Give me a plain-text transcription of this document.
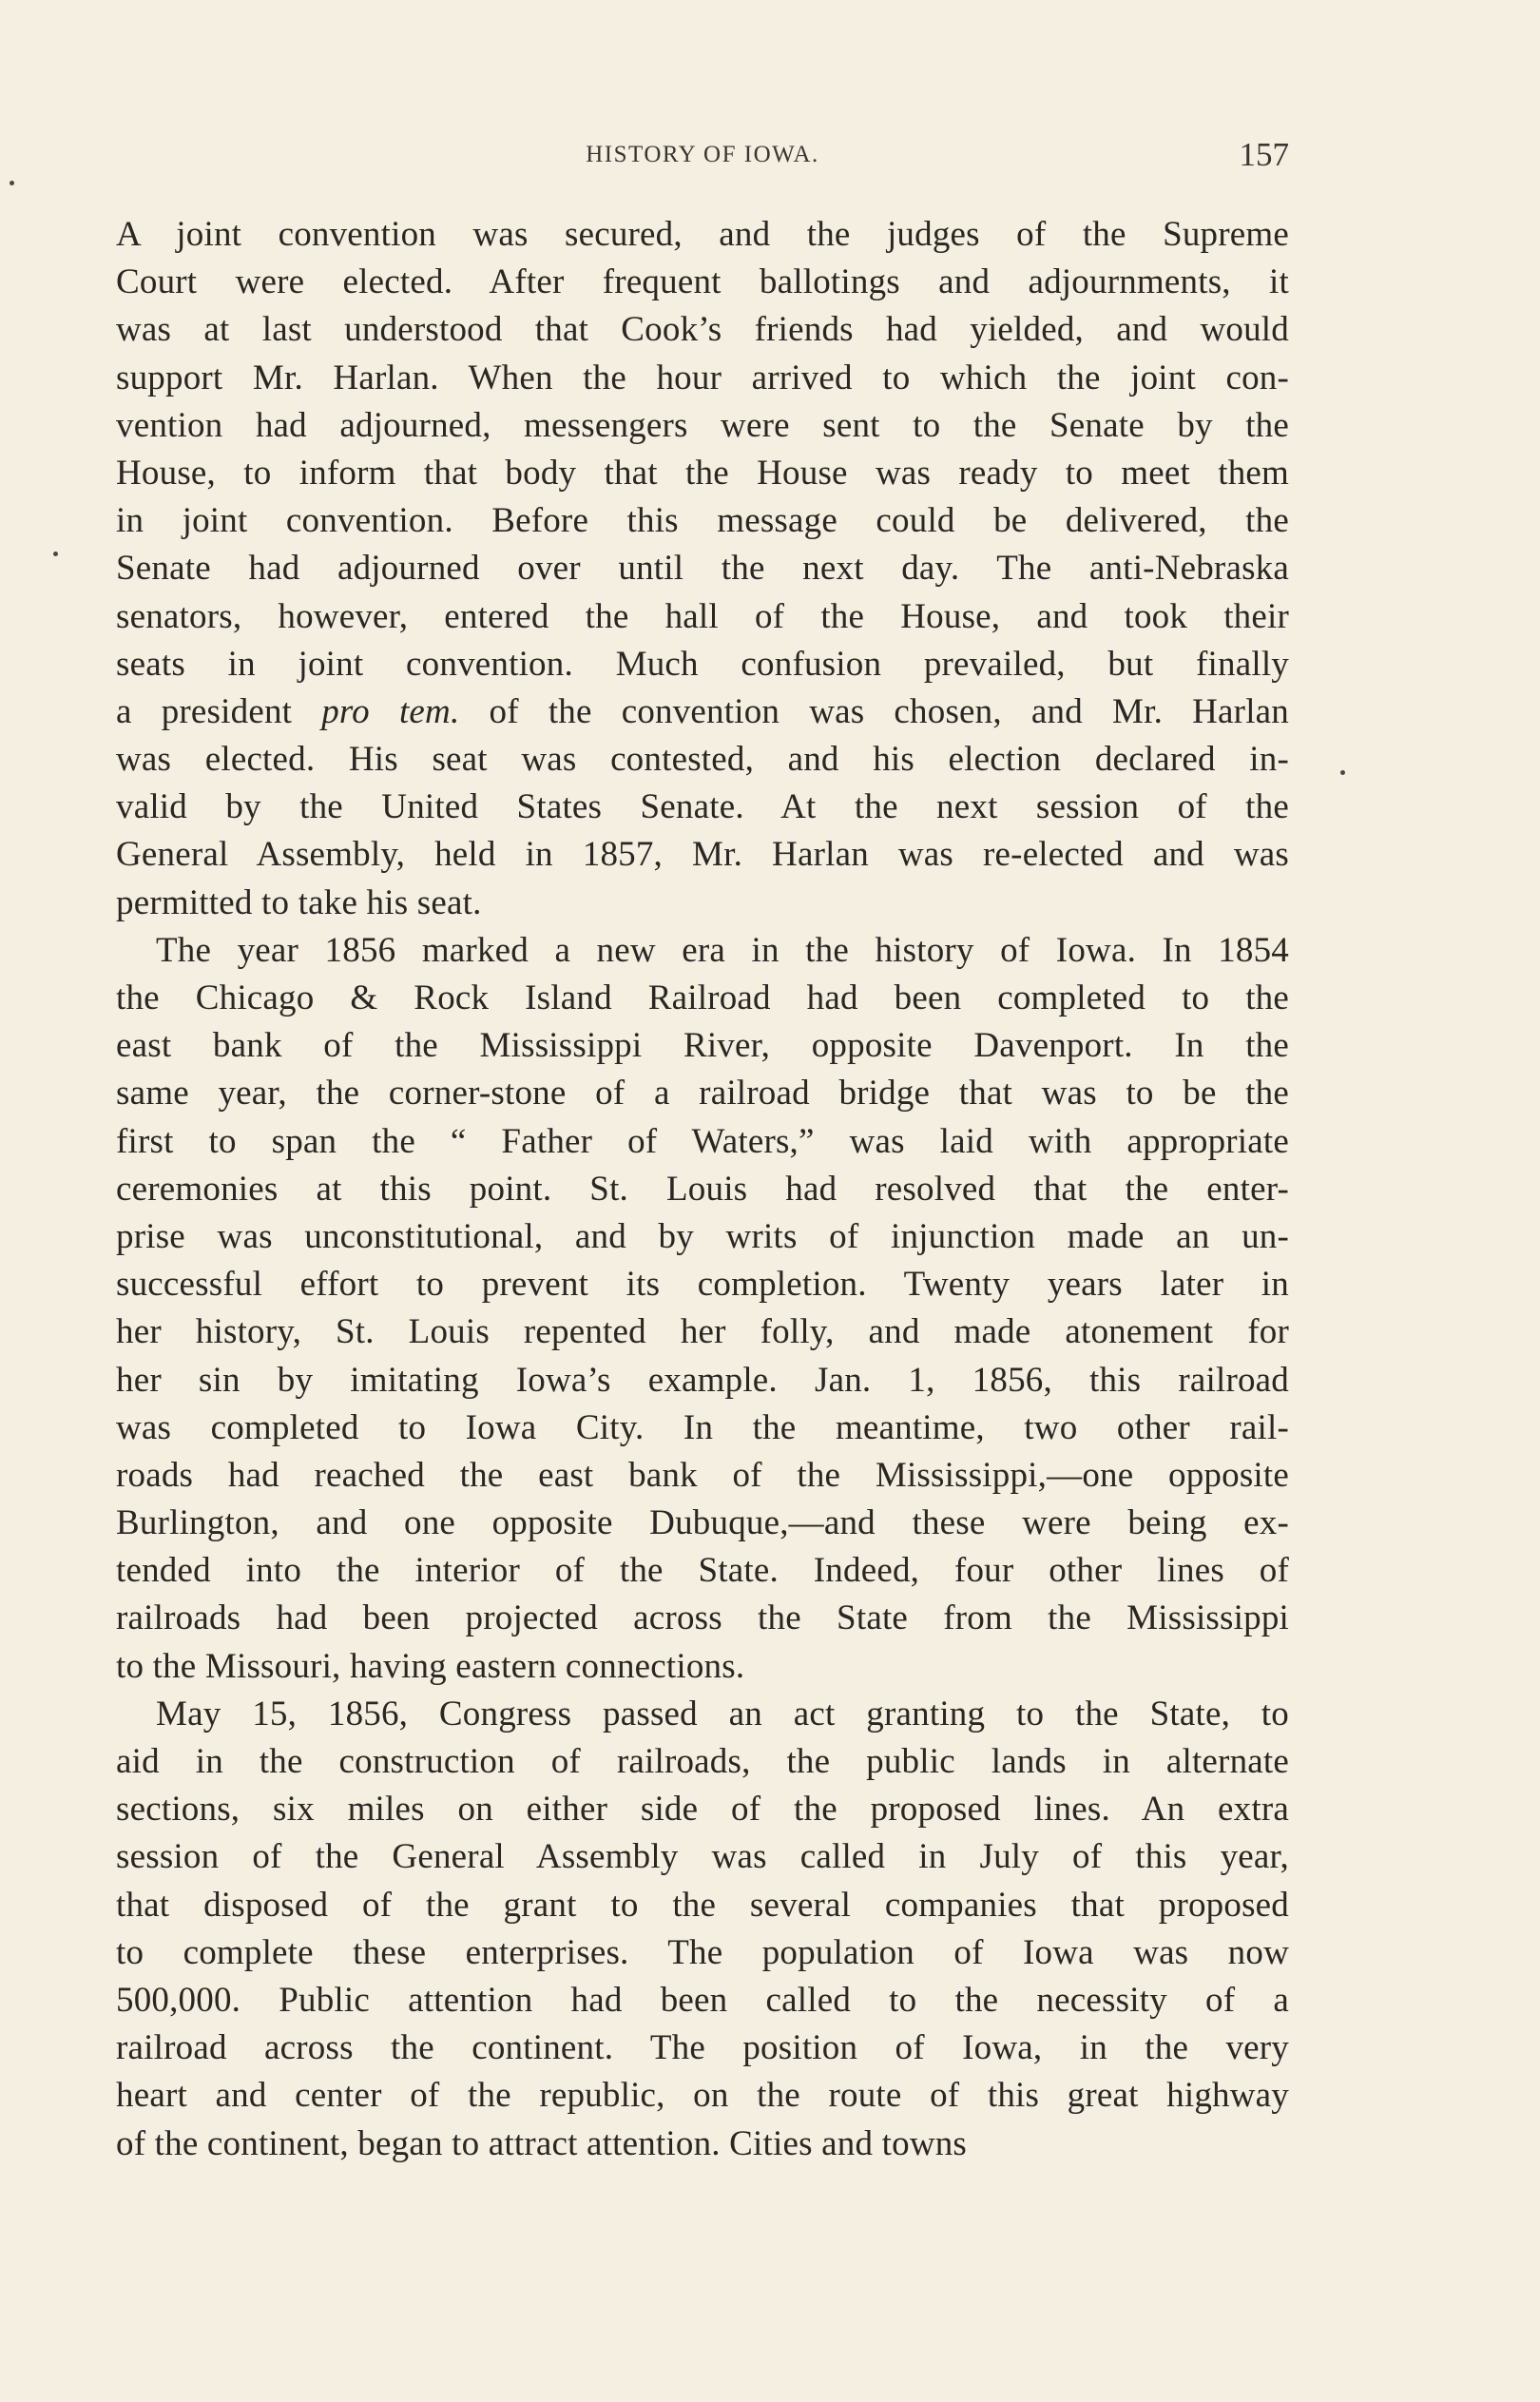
HISTORY OF IOWA.	157
A joint convention was secured, and the judges of the Supreme
Court were elected. After frequent ballotings and adjournments, it
was at last understood that Cook’s friends had yielded, and would
support Mr. Harlan. When the hour arrived to which the joint con-
vention had adjourned, messengers were sent to the Senate by the
House, to inform that body that the House was ready to meet them
in joint convention. Before this message could be delivered, the
Senate had adjourned over until the next day. The anti-Nebraska
senators, however, entered the hall of the House, and took their
seats in joint convention. Much confusion prevailed, but finally
a president pro tem. of the convention was chosen, and Mr. Harlan
was elected. His seat was contested, and his election declared in-
valid by the United States Senate. At the next session of the
General Assembly, held in 1857, Mr. Harlan was re-elected and was
permitted to take his seat.
The year 1856 marked a new era in the history of Iowa. In 1854
the Chicago & Rock Island Railroad had been completed to the
east bank of the Mississippi River, opposite Davenport. In the
same year, the corner-stone of a railroad bridge that was to be the
first to span the “ Father of Waters,” was laid with appropriate
ceremonies at this point. St. Louis had resolved that the enter-
prise was unconstitutional, and by writs of injunction made an un-
successful effort to prevent its completion. Twenty years later in
her history, St. Louis repented her folly, and made atonement for
her sin by imitating Iowa’s example. Jan. 1, 1856, this railroad
was completed to Iowa City. In the meantime, two other rail-
roads had reached the east bank of the Mississippi,—one opposite
Burlington, and one opposite Dubuque,—and these were being ex-
tended into the interior of the State. Indeed, four other lines of
railroads had been projected across the State from the Mississippi
to the Missouri, having eastern connections.
May 15, 1856, Congress passed an act granting to the State, to
aid in the construction of railroads, the public lands in alternate
sections, six miles on either side of the proposed lines. An extra
session of the General Assembly was called in July of this year,
that disposed of the grant to the several companies that proposed
to complete these enterprises. The population of Iowa was now
500,000. Public attention had been called to the necessity of a
railroad across the continent. The position of Iowa, in the very
heart and center of the republic, on the route of this great highway
of the continent, began to attract attention. Cities and towns
